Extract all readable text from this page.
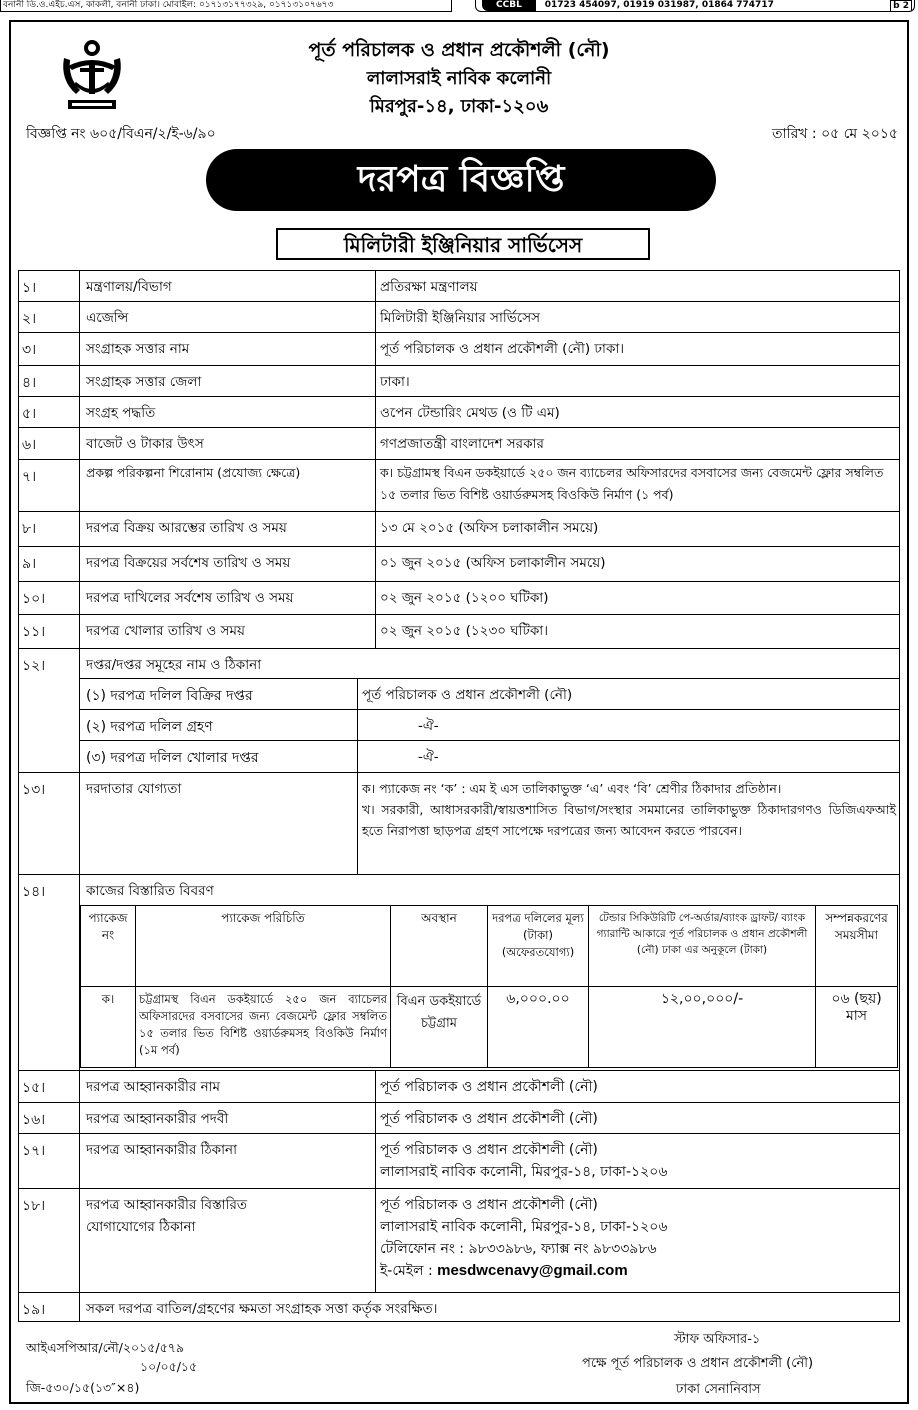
বনানী ডি.ও.এইচ.এস, কাকলী, বনানী ঢাকা। মোবাইল: ০১৭১৩১৭৭৩২৯, ০১৭১৩১০৭৬৭৩	CCBL	01723 454097, 01919 031987, 01864 774717	b 2
পূর্ত পরিচালক ও প্রধান প্রকৌশলী (নৌ)
লালাসরাই নাবিক কলোনী
মিরপুর-১৪, ঢাকা-১২০৬
বিজ্ঞপ্তি নং ৬০৫/বিএন/২/ই-৬/৯০	তারিখ : ০৫ মে ২০১৫
দরপত্র বিজ্ঞপ্তি
মিলিটারী ইঞ্জিনিয়ার সার্ভিসেস
১।	মন্ত্রণালয়/বিভাগ	প্রতিরক্ষা মন্ত্রণালয়
২।	এজেন্সি	মিলিটারী ইঞ্জিনিয়ার সার্ভিসেস
৩।	সংগ্রাহক সত্তার নাম	পূর্ত পরিচালক ও প্রধান প্রকৌশলী (নৌ) ঢাকা।
৪।	সংগ্রাহক সত্তার জেলা	ঢাকা।
৫।	সংগ্রহ পদ্ধতি	ওপেন টেন্ডারিং মেথড (ও টি এম)
৬।	বাজেট ও টাকার উৎস	গণপ্রজাতন্ত্রী বাংলাদেশ সরকার
৭।	প্রকল্প পরিকল্পনা শিরোনাম (প্রযোজ্য ক্ষেত্রে)	ক। চট্টগ্রামস্থ বিএন ডকইয়ার্ডে ২৫০ জন ব্যাচেলর অফিসারদের বসবাসের জন্য বেজমেন্ট ফ্লোর সম্বলিত ১৫ তলার ভিত বিশিষ্ট ওয়ার্ডরুমসহ বিওকিউ নির্মাণ (১ পর্ব)
৮।	দরপত্র বিক্রয় আরম্ভের তারিখ ও সময়	১৩ মে ২০১৫ (অফিস চলাকালীন সময়ে)
৯।	দরপত্র বিক্রয়ের সর্বশেষ তারিখ ও সময়	০১ জুন ২০১৫ (অফিস চলাকালীন সময়ে)
১০।	দরপত্র দাখিলের সর্বশেষ তারিখ ও সময়	০২ জুন ২০১৫ (১২০০ ঘটিকা)
১১।	দরপত্র খোলার তারিখ ও সময়	০২ জুন ২০১৫ (১২৩০ ঘটিকা।
১২।	দপ্তর/দপ্তর সমূহের নাম ও ঠিকানা
(১) দরপত্র দলিল বিক্রির দপ্তর	পূর্ত পরিচালক ও প্রধান প্রকৌশলী (নৌ)
(২) দরপত্র দলিল গ্রহণ	-ঐ-
(৩) দরপত্র দলিল খোলার দপ্তর	-ঐ-
১৩।	দরদাতার যোগ্যতা	ক। প্যাকেজ নং ‘ক’ : এম ই এস তালিকাভুক্ত ‘এ’ এবং ‘বি’ শ্রেণীর ঠিকাদার প্রতিষ্ঠান।
খ। সরকারী, আধাসরকারী/স্বায়ত্তশাসিত বিভাগ/সংস্থার সমমানের তালিকাভুক্ত ঠিকাদারগণও ডিজিএফআই হতে নিরাপত্তা ছাড়পত্র গ্রহণ সাপেক্ষে দরপত্রের জন্য আবেদন করতে পারবেন।
১৪।	কাজের বিস্তারিত বিবরণ
প্যাকেজ নং	প্যাকেজ পরিচিতি	অবস্থান	দরপত্র দলিলের মূল্য (টাকা) (অফেরতযোগ্য)	টেন্ডার সিকিউরিটি পে-অর্ডার/ব্যাংক ড্রাফট/ ব্যাংক গ্যারান্টি আকারে পূর্ত পরিচালক ও প্রধান প্রকৌশলী (নৌ) ঢাকা এর অনুকূলে (টাকা)	সম্পন্নকরণের সময়সীমা
ক।	চট্টগ্রামস্থ বিএন ডকইয়ার্ডে ২৫০ জন ব্যাচেলর অফিসারদের বসবাসের জন্য বেজমেন্ট ফ্লোর সম্বলিত ১৫ তলার ভিত বিশিষ্ট ওয়ার্ডরুমসহ বিওকিউ নির্মাণ (১ম পর্ব)	বিএন ডকইয়ার্ডে চট্টগ্রাম	৬,০০০.০০	১২,০০,০০০/-	০৬ (ছয়) মাস
১৫।	দরপত্র আহ্বানকারীর নাম	পূর্ত পরিচালক ও প্রধান প্রকৌশলী (নৌ)
১৬।	দরপত্র আহ্বানকারীর পদবী	পূর্ত পরিচালক ও প্রধান প্রকৌশলী (নৌ)
১৭।	দরপত্র আহ্বানকারীর ঠিকানা	পূর্ত পরিচালক ও প্রধান প্রকৌশলী (নৌ)
লালাসরাই নাবিক কলোনী, মিরপুর-১৪, ঢাকা-১২০৬
১৮।	দরপত্র আহ্বানকারীর বিস্তারিত
যোগাযোগের ঠিকানা
পূর্ত পরিচালক ও প্রধান প্রকৌশলী (নৌ)
লালাসরাই নাবিক কলোনী, মিরপুর-১৪, ঢাকা-১২০৬
টেলিফোন নং : ৯৮৩৩৯৮৬, ফ্যাক্স নং ৯৮৩৩৯৮৬
ই-মেইল : mesdwcenavy@gmail.com
১৯।	সকল দরপত্র বাতিল/গ্রহণের ক্ষমতা সংগ্রাহক সত্তা কর্তৃক সংরক্ষিত।
আইএসপিআর/নৌ/২০১৫/৫৭৯
১০/০৫/১৫
জি-৫৩০/১৫(১৩″×৪)
স্টাফ অফিসার-১
পক্ষে পূর্ত পরিচালক ও প্রধান প্রকৌশলী (নৌ)
ঢাকা সেনানিবাস
